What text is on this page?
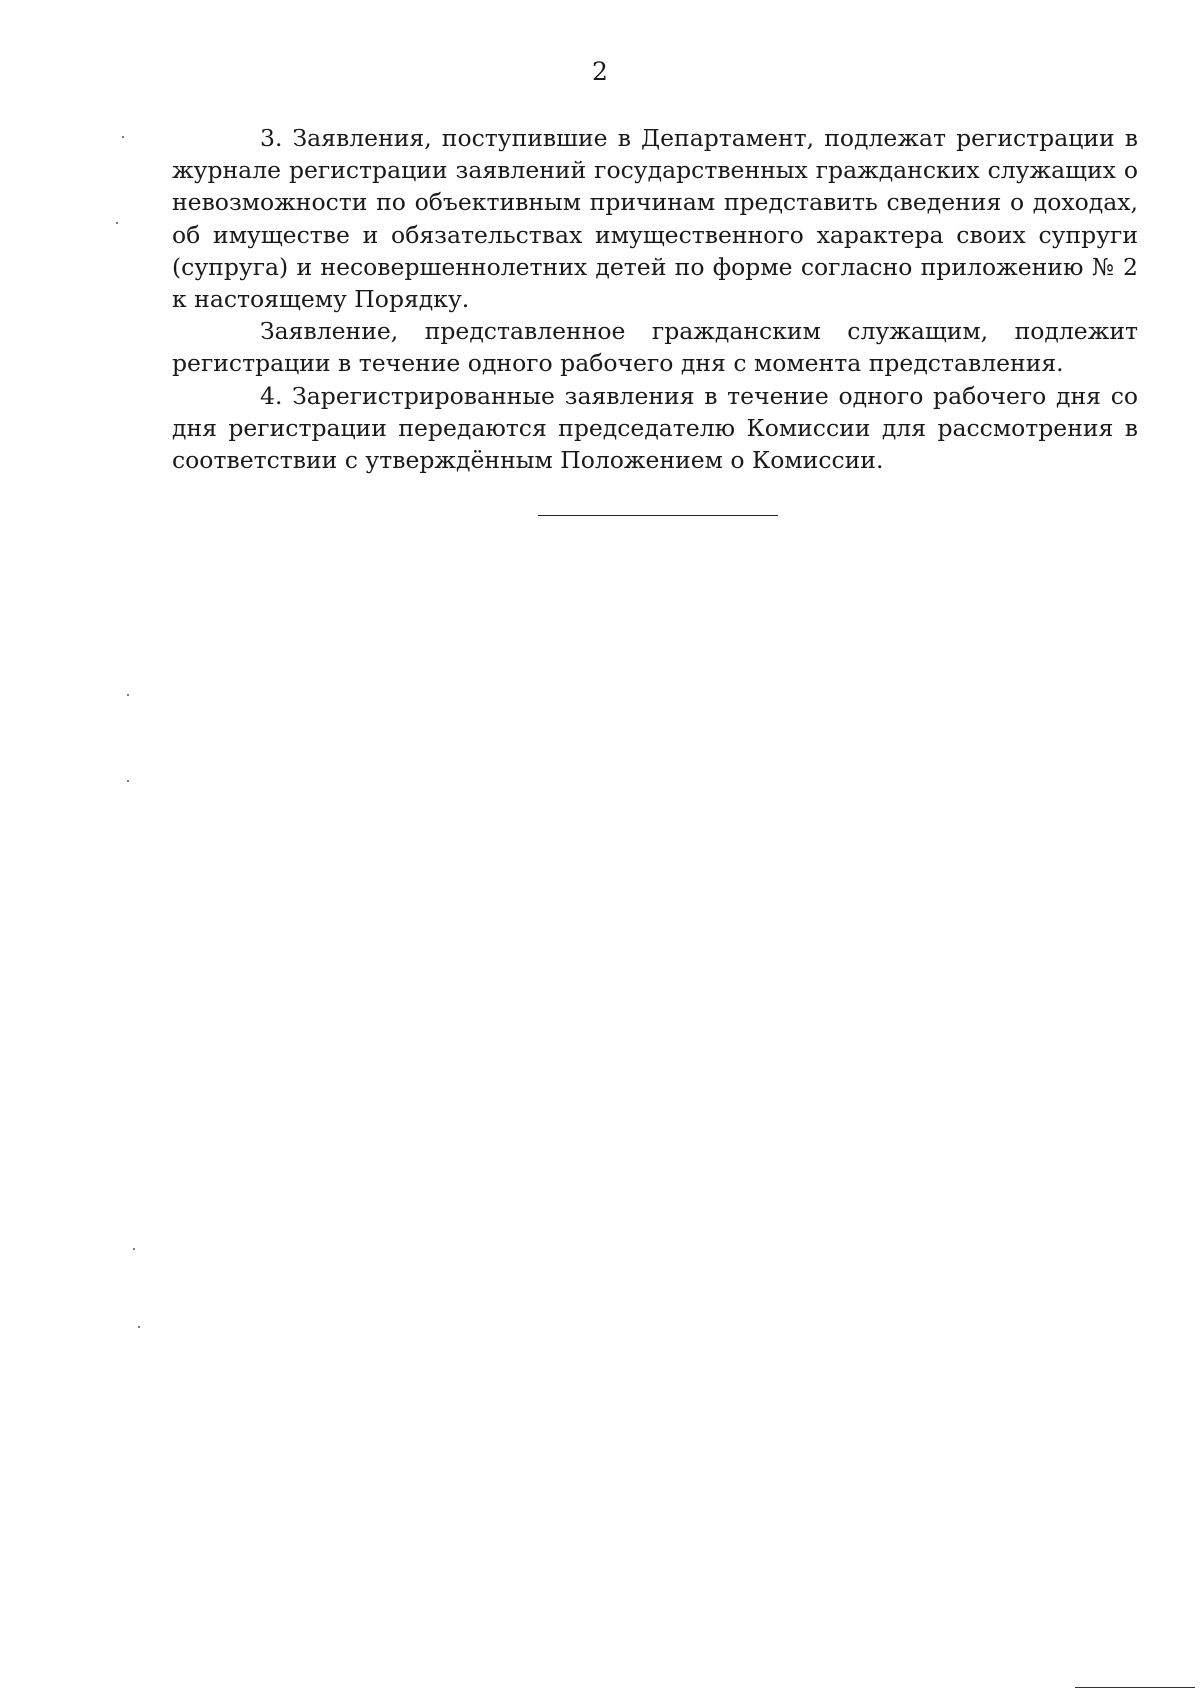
2

3. Заявления, поступившие в Департамент, подлежат регистрации в журнале регистрации заявлений государственных гражданских служащих о невозможности по объективным причинам представить сведения о доходах, об имуществе и обязательствах имущественного характера своих супруги (супруга) и несовершеннолетних детей по форме согласно приложению № 2 к настоящему Порядку.

Заявление, представленное гражданским служащим, подлежит регистрации в течение одного рабочего дня с момента представления.

4. Зарегистрированные заявления в течение одного рабочего дня со дня регистрации передаются председателю Комиссии для рассмотрения в соответствии с утверждённым Положением о Комиссии.
